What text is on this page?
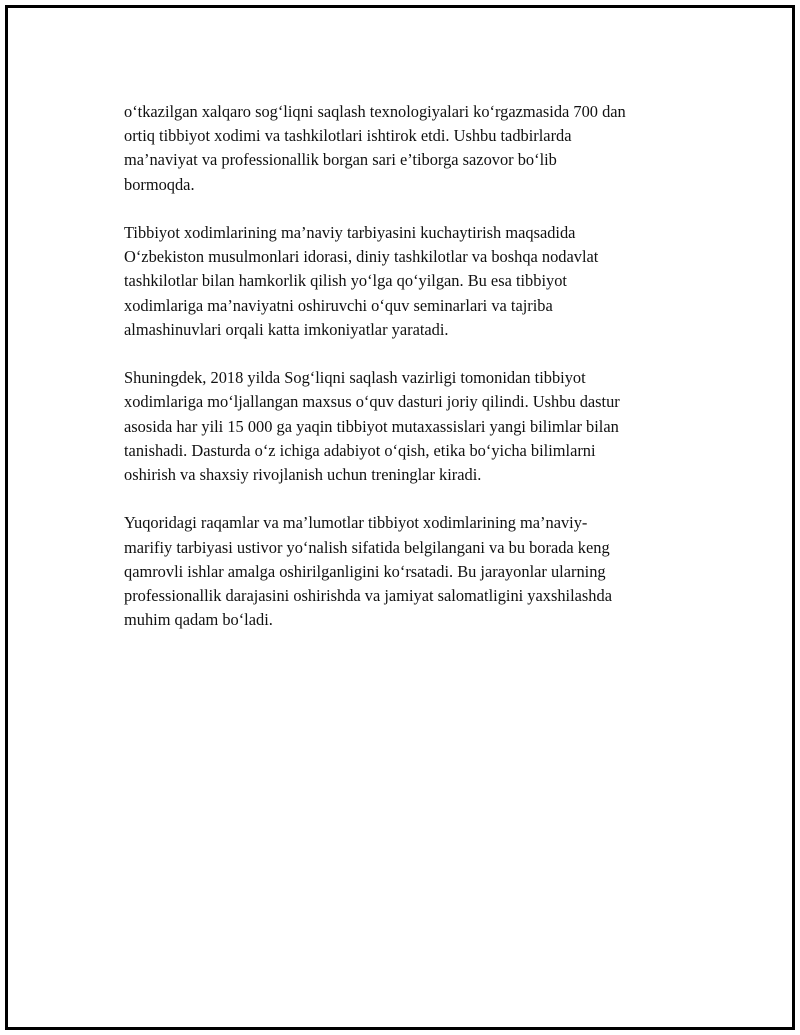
o‘tkazilgan xalqaro sog‘liqni saqlash texnologiyalari ko‘rgazmasida 700 dan
ortiq tibbiyot xodimi va tashkilotlari ishtirok etdi. Ushbu tadbirlarda
ma’naviyat va professionallik borgan sari e’tiborga sazovor bo‘lib
bormoqda.

Tibbiyot xodimlarining ma’naviy tarbiyasini kuchaytirish maqsadida
O‘zbekiston musulmonlari idorasi, diniy tashkilotlar va boshqa nodavlat
tashkilotlar bilan hamkorlik qilish yo‘lga qo‘yilgan. Bu esa tibbiyot
xodimlariga ma’naviyatni oshiruvchi o‘quv seminarlari va tajriba
almashinuvlari orqali katta imkoniyatlar yaratadi.

Shuningdek, 2018 yilda Sog‘liqni saqlash vazirligi tomonidan tibbiyot
xodimlariga mo‘ljallangan maxsus o‘quv dasturi joriy qilindi. Ushbu dastur
asosida har yili 15 000 ga yaqin tibbiyot mutaxassislari yangi bilimlar bilan
tanishadi. Dasturda o‘z ichiga adabiyot o‘qish, etika bo‘yicha bilimlarni
oshirish va shaxsiy rivojlanish uchun treninglar kiradi.

Yuqoridagi raqamlar va ma’lumotlar tibbiyot xodimlarining ma’naviy-
marifiy tarbiyasi ustivor yo‘nalish sifatida belgilangani va bu borada keng
qamrovli ishlar amalga oshirilganligini ko‘rsatadi. Bu jarayonlar ularning
professionallik darajasini oshirishda va jamiyat salomatligini yaxshilashda
muhim qadam bo‘ladi.
